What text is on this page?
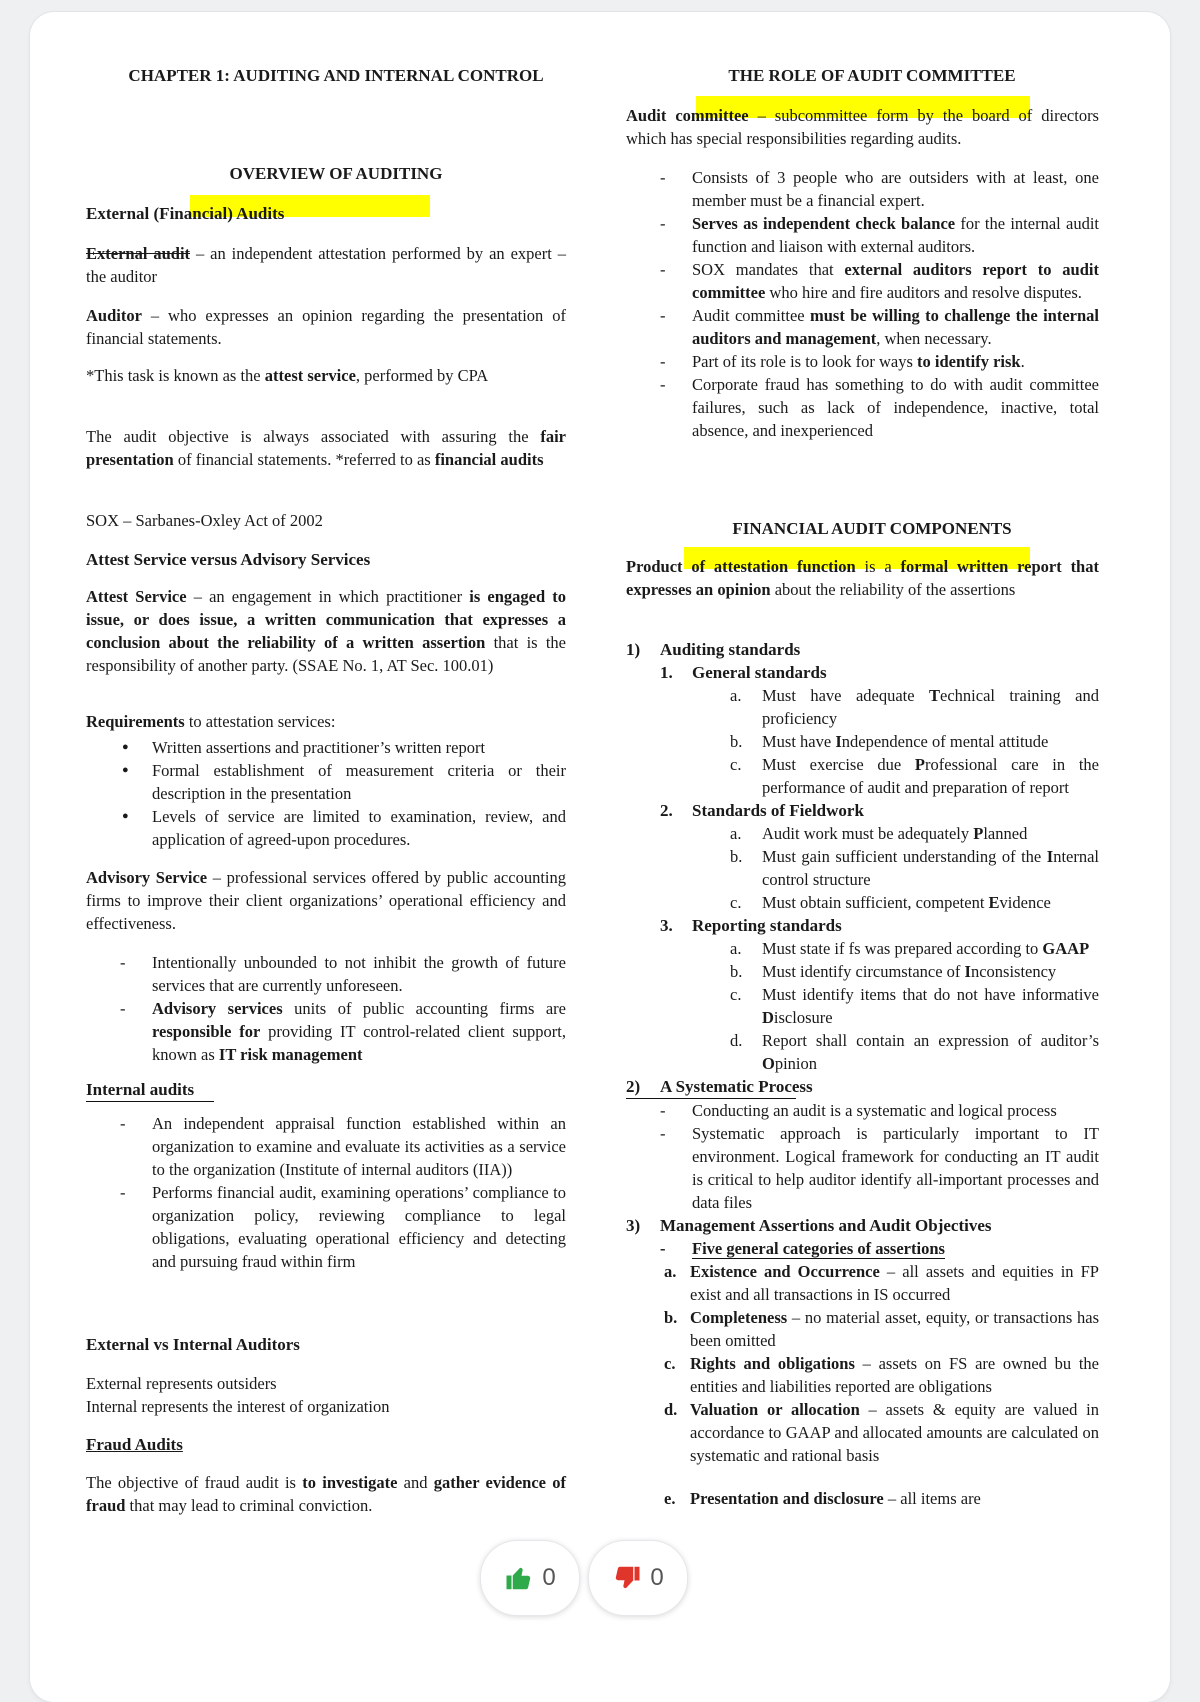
CHAPTER 1: AUDITING AND INTERNAL CONTROL
OVERVIEW OF AUDITING
External (Financial) Audits

External audit – an independent attestation performed by an expert – the auditor

Auditor – who expresses an opinion regarding the presentation of financial statements.

*This task is known as the attest service, performed by CPA

The audit objective is always associated with assuring the fair presentation of financial statements. *referred to as financial audits

SOX – Sarbanes-Oxley Act of 2002

Attest Service versus Advisory Services

Attest Service – an engagement in which practitioner is engaged to issue, or does issue, a written communication that expresses a conclusion about the reliability of a written assertion that is the responsibility of another party. (SSAE No. 1, AT Sec. 100.01)

Requirements to attestation services:

● Written assertions and practitioner’s written report
● Formal establishment of measurement criteria or their description in the presentation
● Levels of service are limited to examination, review, and application of agreed-upon procedures.

Advisory Service – professional services offered by public accounting firms to improve their client organizations’ operational efficiency and effectiveness.

- Intentionally unbounded to not inhibit the growth of future services that are currently unforeseen.
- Advisory services units of public accounting firms are responsible for providing IT control-related client support, known as IT risk management
Internal audits
- An independent appraisal function established within an organization to examine and evaluate its activities as a service to the organization (Institute of internal auditors (IIA))
- Performs financial audit, examining operations’ compliance to organization policy, reviewing compliance to legal obligations, evaluating operational efficiency and detecting and pursuing fraud within firm
External vs Internal Auditors

External represents outsiders

Internal represents the interest of organization

Fraud Audits

The objective of fraud audit is to investigate and gather evidence of fraud that may lead to criminal conviction.

THE ROLE OF AUDIT COMMITTEE

Audit committee – subcommittee form by the board of directors which has special responsibilities regarding audits.

- Consists of 3 people who are outsiders with at least, one member must be a financial expert.
- Serves as independent check balance for the internal audit function and liaison with external auditors.
- SOX mandates that external auditors report to audit committee who hire and fire auditors and resolve disputes.
- Audit committee must be willing to challenge the internal auditors and management, when necessary.
- Part of its role is to look for ways to identify risk.
- Corporate fraud has something to do with audit committee failures, such as lack of independence, inactive, total absence, and inexperienced
FINANCIAL AUDIT COMPONENTS

Product of attestation function is a formal written report that expresses an opinion about the reliability of the assertions

1) Auditing standards
1. General standards
a. Must have adequate Technical training and proficiency
b. Must have Independence of mental attitude
c. Must exercise due Professional care in the performance of audit and preparation of report
2. Standards of Fieldwork
a. Audit work must be adequately Planned
b. Must gain sufficient understanding of the Internal control structure
c. Must obtain sufficient, competent Evidence
3. Reporting standards
a. Must state if fs was prepared according to GAAP
b. Must identify circumstance of Inconsistency
c. Must identify items that do not have informative Disclosure
d. Report shall contain an expression of auditor’s Opinion
2) A Systematic Process
- Conducting an audit is a systematic and logical process
- Systematic approach is particularly important to IT environment. Logical framework for conducting an IT audit is critical to help auditor identify all-important processes and data files
3) Management Assertions and Audit Objectives
- Five general categories of assertions
a. Existence and Occurrence – all assets and equities in FP exist and all transactions in IS occurred
b. Completeness – no material asset, equity, or transactions has been omitted
c. Rights and obligations – assets on FS are owned bu the entities and liabilities reported are obligations
d. Valuation or allocation – assets & equity are valued in accordance to GAAP and allocated amounts are calculated on systematic and rational basis
e. Presentation and disclosure – all items are
0	0
